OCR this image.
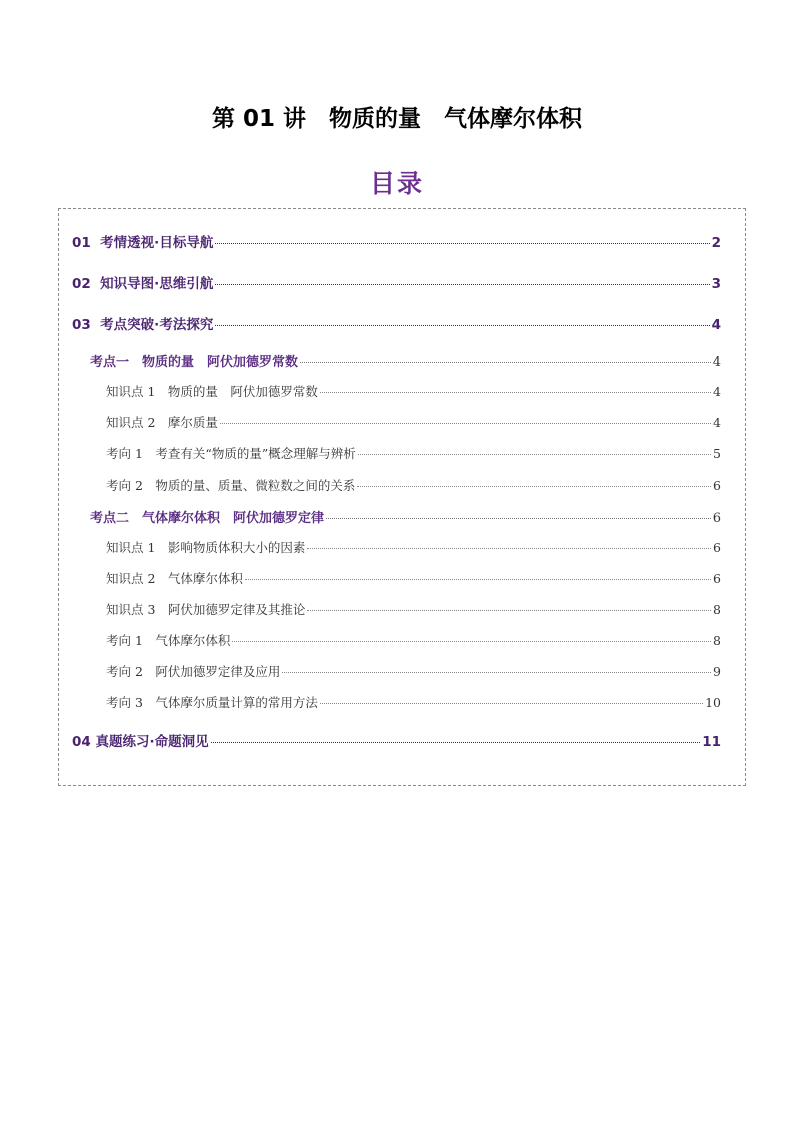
第 01 讲　物质的量　气体摩尔体积
目录
01  考情透视·目标导航	2
02  知识导图·思维引航	3
03  考点突破·考法探究	4
考点一　物质的量　阿伏加德罗常数	4
知识点 1　物质的量　阿伏加德罗常数	4
知识点 2　摩尔质量	4
考向 1　考查有关“物质的量”概念理解与辨析	5
考向 2　物质的量、质量、微粒数之间的关系	6
考点二　气体摩尔体积　阿伏加德罗定律	6
知识点 1　影响物质体积大小的因素	6
知识点 2　气体摩尔体积	6
知识点 3　阿伏加德罗定律及其推论	8
考向 1　气体摩尔体积	8
考向 2　阿伏加德罗定律及应用	9
考向 3　气体摩尔质量计算的常用方法	10
04 真题练习·命题洞见	11
